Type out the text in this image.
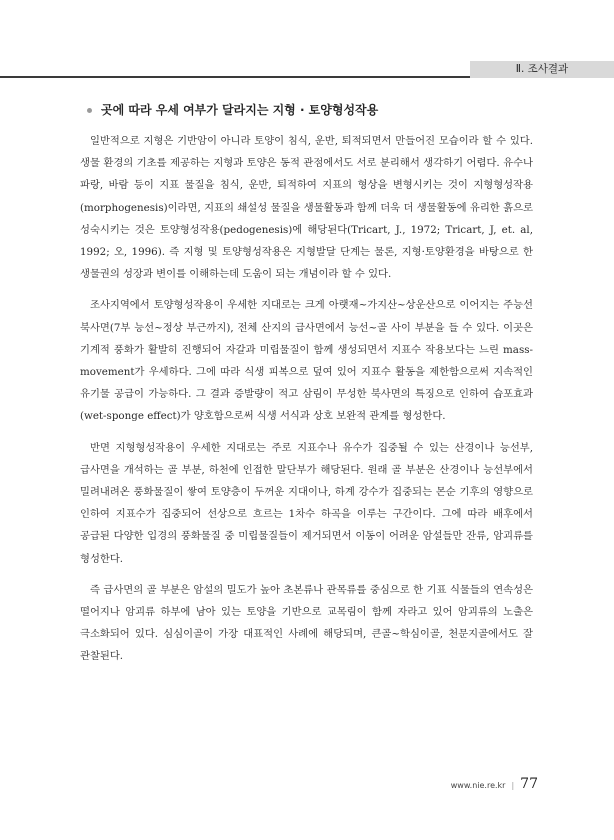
Ⅱ. 조사결과
곳에 따라 우세 여부가 달라지는 지형 · 토양형성작용

일반적으로 지형은 기반암이 아니라 토양이 침식, 운반, 퇴적되면서 만들어진 모습이라 할 수 있다. 생물 환경의 기초를 제공하는 지형과 토양은 동적 관점에서도 서로 분리해서 생각하기 어렵다. 유수나 파랑, 바람 등이 지표 물질을 침식, 운반, 퇴적하여 지표의 형상을 변형시키는 것이 지형형성작용(morphogenesis)이라면, 지표의 쇄설성 물질을 생물활동과 함께 더욱 더 생물활동에 유리한 흙으로 성숙시키는 것은 토양형성작용(pedogenesis)에 해당된다(Tricart, J., 1972; Tricart, J, et. al, 1992; 오, 1996). 즉 지형 및 토양형성작용은 지형발달 단계는 물론, 지형·토양환경을 바탕으로 한 생물권의 성장과 변이를 이해하는데 도움이 되는 개념이라 할 수 있다.

조사지역에서 토양형성작용이 우세한 지대로는 크게 아랫재~가지산~상운산으로 이어지는 주능선 북사면(7부 능선~정상 부근까지), 전체 산지의 급사면에서 능선~골 사이 부분을 들 수 있다. 이곳은 기계적 풍화가 활발히 진행되어 자갈과 미립물질이 함께 생성되면서 지표수 작용보다는 느린 mass-movement가 우세하다. 그에 따라 식생 피복으로 덮여 있어 지표수 활동을 제한함으로써 지속적인 유기물 공급이 가능하다. 그 결과 증발량이 적고 삼림이 무성한 북사면의 특징으로 인하여 습포효과(wet-sponge effect)가 양호함으로써 식생 서식과 상호 보완적 관계를 형성한다.

반면 지형형성작용이 우세한 지대로는 주로 지표수나 유수가 집중될 수 있는 산경이나 능선부, 급사면을 개석하는 골 부분, 하천에 인접한 말단부가 해당된다. 원래 골 부분은 산경이나 능선부에서 밀려내려온 풍화물질이 쌓여 토양층이 두꺼운 지대이나, 하계 강수가 집중되는 몬순 기후의 영향으로 인하여 지표수가 집중되어 선상으로 흐르는 1차수 하곡을 이루는 구간이다. 그에 따라 배후에서 공급된 다양한 입경의 풍화물질 중 미립물질들이 제거되면서 이동이 어려운 암설들만 잔류, 암괴류를 형성한다.

즉 급사면의 골 부분은 암설의 밀도가 높아 초본류나 관목류를 중심으로 한 기표 식물들의 연속성은 떨어지나 암괴류 하부에 남아 있는 토양을 기반으로 교목림이 함께 자라고 있어 암괴류의 노출은 극소화되어 있다. 심심이골이 가장 대표적인 사례에 해당되며, 큰골~학심이골, 천문지골에서도 잘 관찰된다.

www.nie.re.kr | 77
